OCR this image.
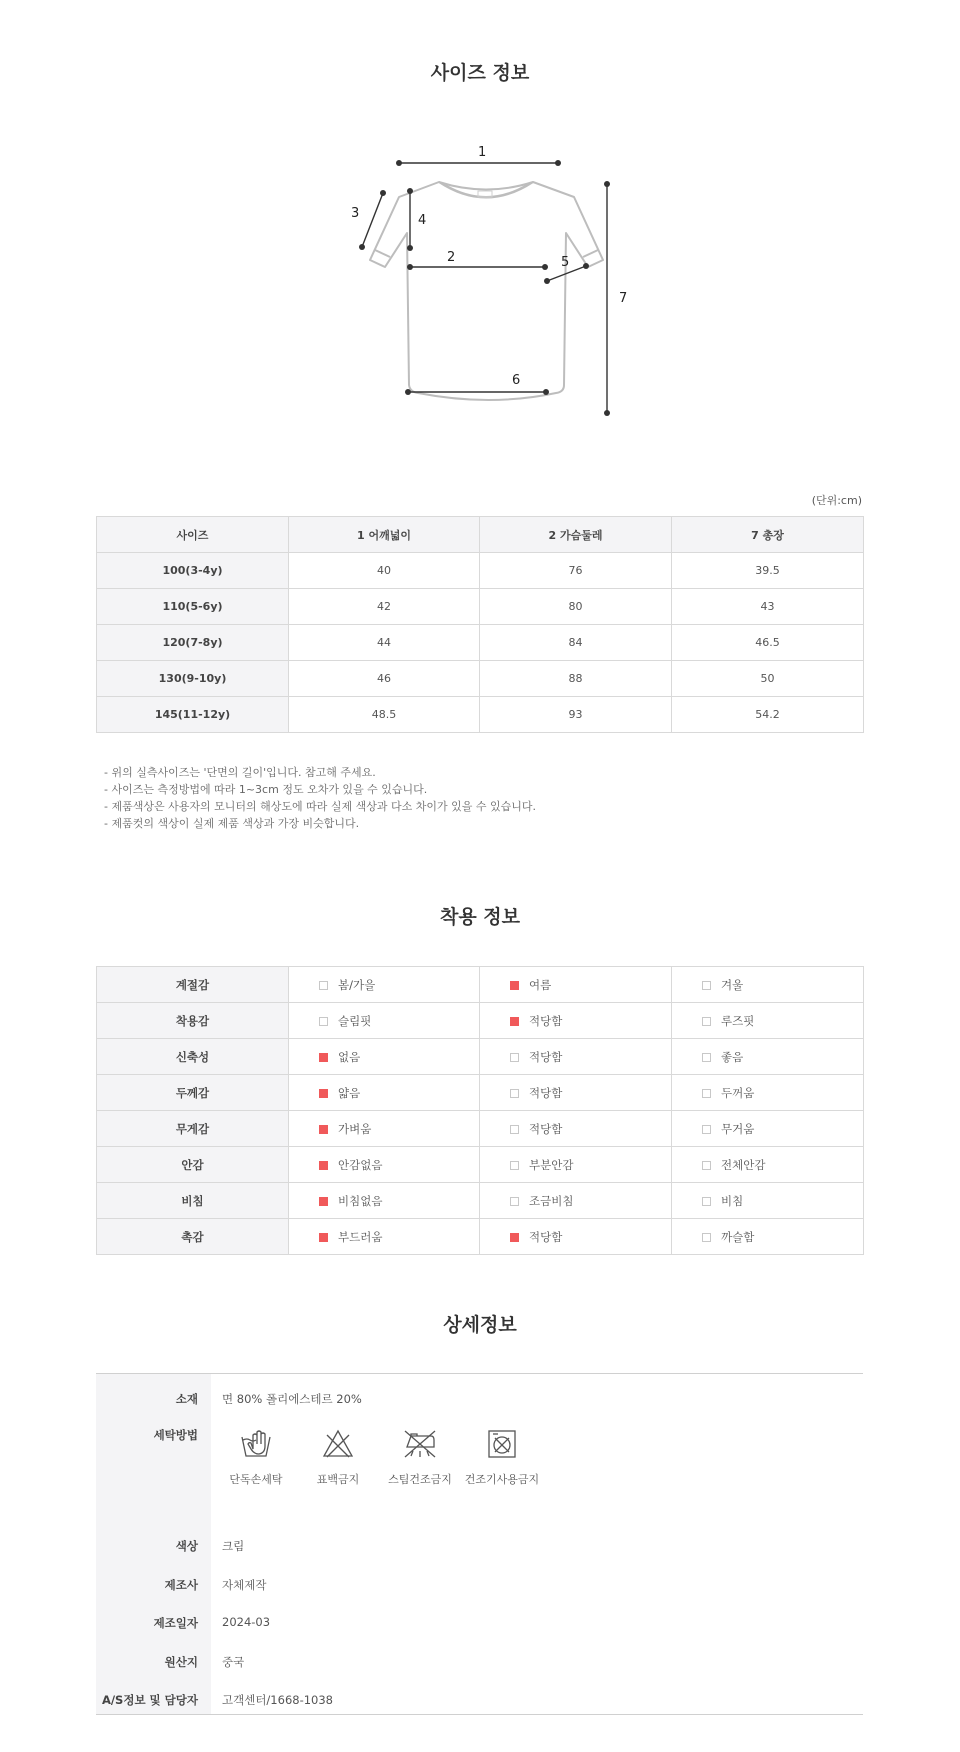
사이즈 정보
1
2
3	4
5
6
7
(단위:cm)
사이즈	1 어깨넓이	2 가슴둘레	7 총장
100(3-4y)	40	76	39.5
110(5-6y)	42	80	43
120(7-8y)	44	84	46.5
130(9-10y)	46	88	50
145(11-12y)	48.5	93	54.2
- 위의 실측사이즈는 '단면의 길이'입니다. 참고해 주세요.
- 사이즈는 측정방법에 따라 1~3cm 정도 오차가 있을 수 있습니다.
- 제품색상은 사용자의 모니터의 해상도에 따라 실제 색상과 다소 차이가 있을 수 있습니다.
- 제품컷의 색상이 실제 제품 색상과 가장 비슷합니다.
착용 정보
계절감	봄/가을	여름	겨울
착용감	슬림핏	적당함	루즈핏
신축성	없음	적당함	좋음
두께감	얇음	적당함	두꺼움
무게감	가벼움	적당함	무거움
안감	안감없음	부분안감	전체안감
비침	비침없음	조금비침	비침
촉감	부드러움	적당함	까슬함
상세정보
소재 면 80% 폴리에스테르 20%
세탁방법
단독손세탁	표백금지	스팀건조금지	건조기사용금지
색상 크림
제조사 자체제작
제조일자 2024-03
원산지 중국
A/S정보 및 담당자 고객센터/1668-1038
